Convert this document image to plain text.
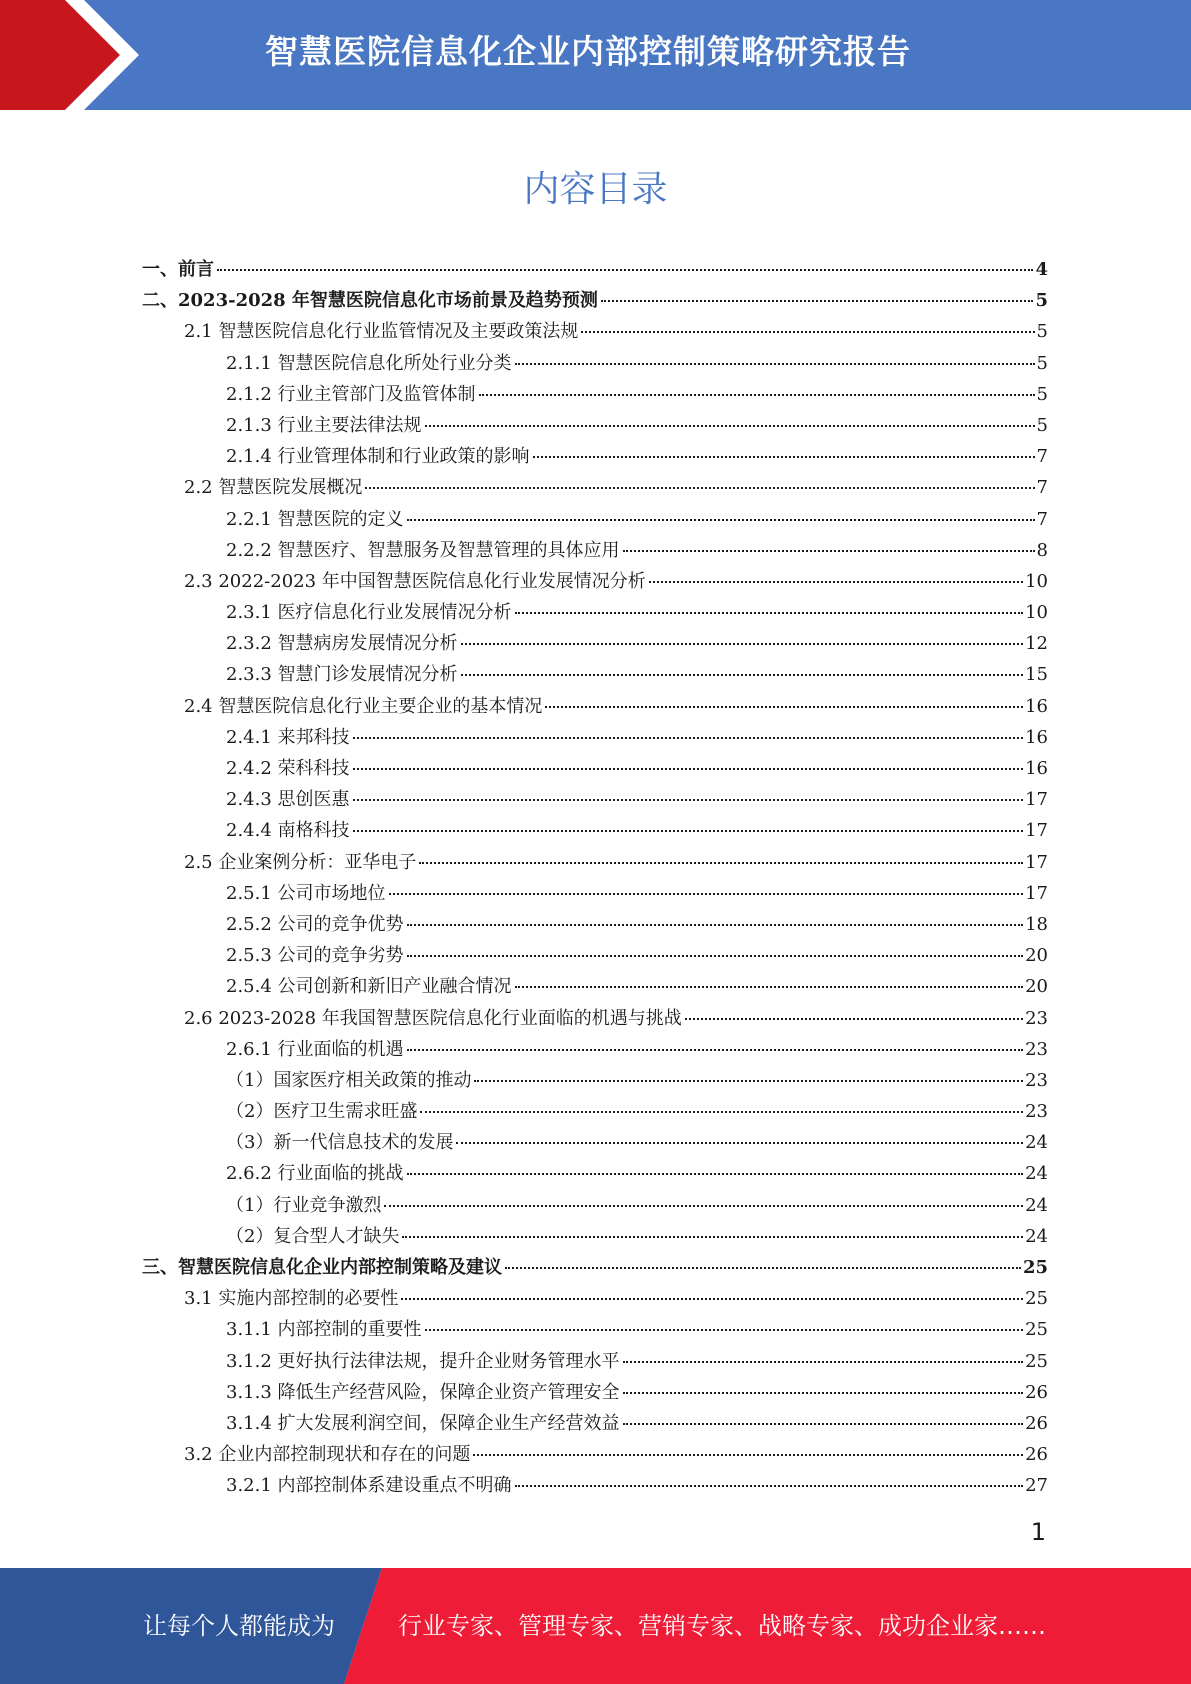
智慧医院信息化企业内部控制策略研究报告
内容目录
一、前言	4
二、2023-2028 年智慧医院信息化市场前景及趋势预测	5
2.1 智慧医院信息化行业监管情况及主要政策法规	5
2.1.1 智慧医院信息化所处行业分类	5
2.1.2 行业主管部门及监管体制	5
2.1.3 行业主要法律法规	5
2.1.4 行业管理体制和行业政策的影响	7
2.2 智慧医院发展概况	7
2.2.1 智慧医院的定义	7
2.2.2 智慧医疗、智慧服务及智慧管理的具体应用	8
2.3 2022-2023 年中国智慧医院信息化行业发展情况分析	10
2.3.1 医疗信息化行业发展情况分析	10
2.3.2 智慧病房发展情况分析	12
2.3.3 智慧门诊发展情况分析	15
2.4 智慧医院信息化行业主要企业的基本情况	16
2.4.1 来邦科技	16
2.4.2 荣科科技	16
2.4.3 思创医惠	17
2.4.4 南格科技	17
2.5 企业案例分析：亚华电子	17
2.5.1 公司市场地位	17
2.5.2 公司的竞争优势	18
2.5.3 公司的竞争劣势	20
2.5.4 公司创新和新旧产业融合情况	20
2.6 2023-2028 年我国智慧医院信息化行业面临的机遇与挑战	23
2.6.1 行业面临的机遇	23
（1）国家医疗相关政策的推动	23
（2）医疗卫生需求旺盛	23
（3）新一代信息技术的发展	24
2.6.2 行业面临的挑战	24
（1）行业竞争激烈	24
（2）复合型人才缺失	24
三、智慧医院信息化企业内部控制策略及建议	25
3.1 实施内部控制的必要性	25
3.1.1 内部控制的重要性	25
3.1.2 更好执行法律法规，提升企业财务管理水平	25
3.1.3 降低生产经营风险，保障企业资产管理安全	26
3.1.4 扩大发展利润空间，保障企业生产经营效益	26
3.2 企业内部控制现状和存在的问题	26
3.2.1 内部控制体系建设重点不明确	27
1
让每个人都能成为	行业专家、管理专家、营销专家、战略专家、成功企业家……
